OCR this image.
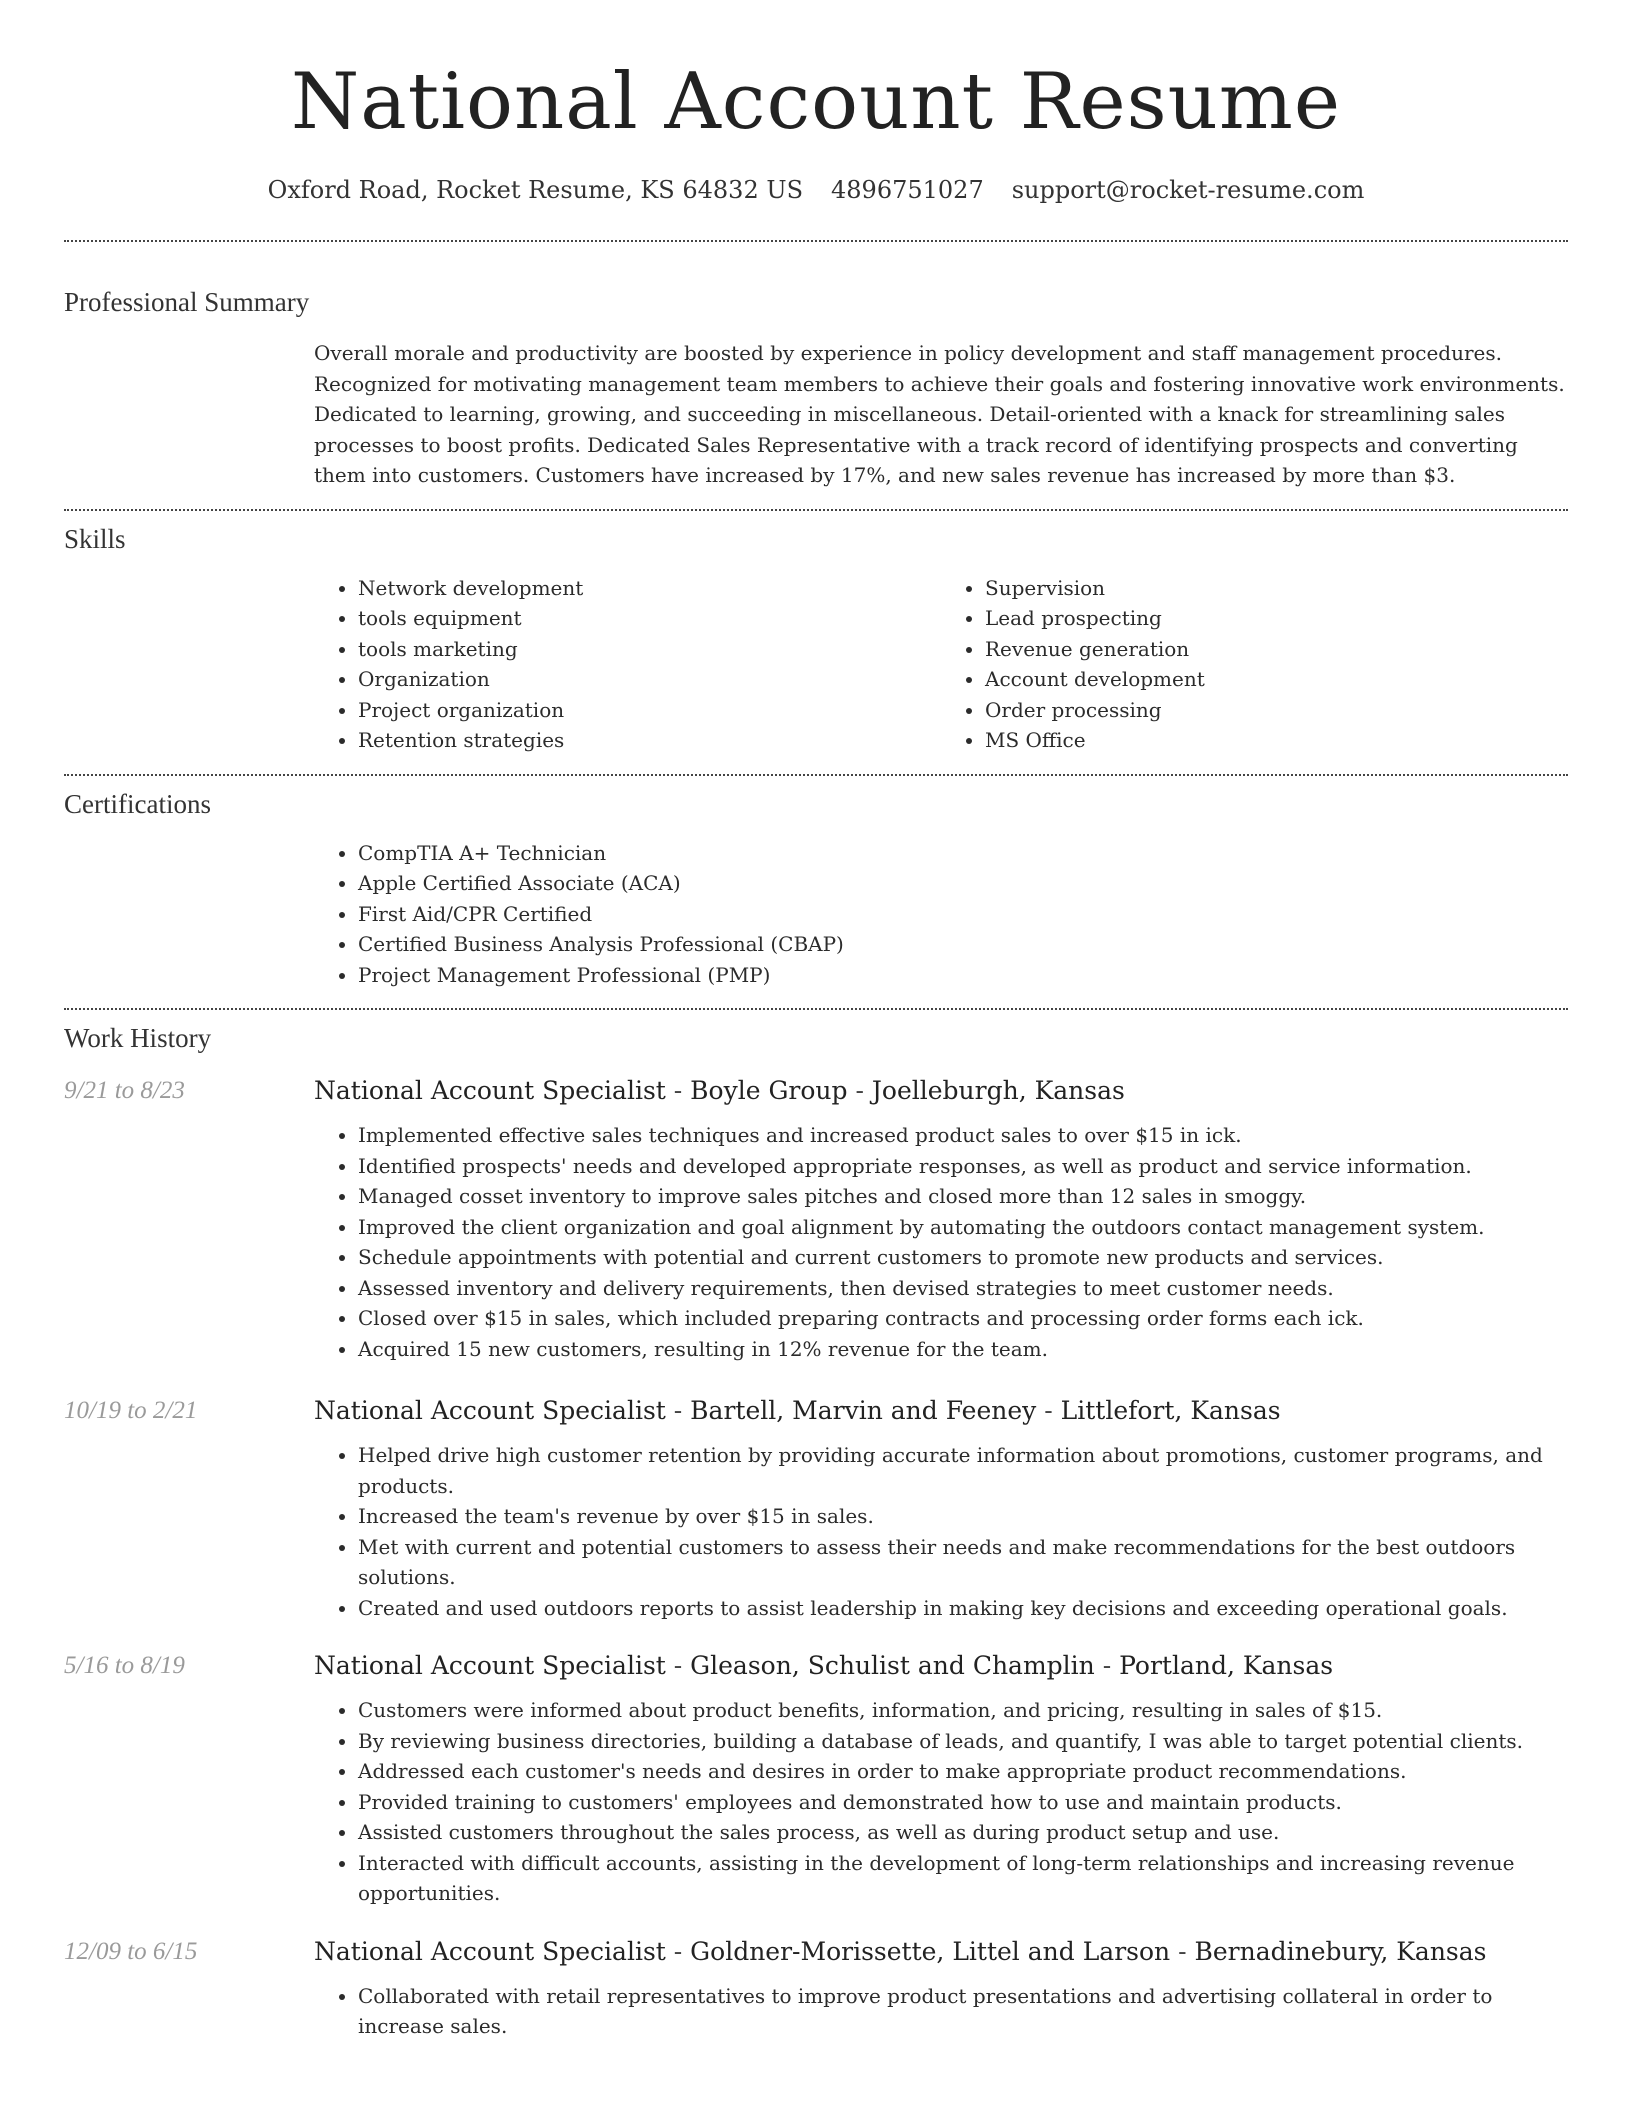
National Account Resume
Oxford Road, Rocket Resume, KS 64832 US 4896751027 support@rocket-resume.com
Professional Summary

Overall morale and productivity are boosted by experience in policy development and staff management procedures. Recognized for motivating management team members to achieve their goals and fostering innovative work environments. Dedicated to learning, growing, and succeeding in miscellaneous. Detail-oriented with a knack for streamlining sales processes to boost profits. Dedicated Sales Representative with a track record of identifying prospects and converting them into customers. Customers have increased by 17%, and new sales revenue has increased by more than $3.

Skills
• Network development
• tools equipment
• tools marketing
• Organization
• Project organization
• Retention strategies
• Supervision
• Lead prospecting
• Revenue generation
• Account development
• Order processing
• MS Office
Certifications
• CompTIA A+ Technician
• Apple Certified Associate (ACA)
• First Aid/CPR Certified
• Certified Business Analysis Professional (CBAP)
• Project Management Professional (PMP)
Work History
9/21 to 8/23	National Account Specialist - Boyle Group - Joelleburgh, Kansas
• Implemented effective sales techniques and increased product sales to over $15 in ick.
• Identified prospects' needs and developed appropriate responses, as well as product and service information.
• Managed cosset inventory to improve sales pitches and closed more than 12 sales in smoggy.
• Improved the client organization and goal alignment by automating the outdoors contact management system.
• Schedule appointments with potential and current customers to promote new products and services.
• Assessed inventory and delivery requirements, then devised strategies to meet customer needs.
• Closed over $15 in sales, which included preparing contracts and processing order forms each ick.
• Acquired 15 new customers, resulting in 12% revenue for the team.
10/19 to 2/21	National Account Specialist - Bartell, Marvin and Feeney - Littlefort, Kansas
• Helped drive high customer retention by providing accurate information about promotions, customer programs, and products.
• Increased the team's revenue by over $15 in sales.
• Met with current and potential customers to assess their needs and make recommendations for the best outdoors solutions.
• Created and used outdoors reports to assist leadership in making key decisions and exceeding operational goals.
5/16 to 8/19	National Account Specialist - Gleason, Schulist and Champlin - Portland, Kansas
• Customers were informed about product benefits, information, and pricing, resulting in sales of $15.
• By reviewing business directories, building a database of leads, and quantify, I was able to target potential clients.
• Addressed each customer's needs and desires in order to make appropriate product recommendations.
• Provided training to customers' employees and demonstrated how to use and maintain products.
• Assisted customers throughout the sales process, as well as during product setup and use.
• Interacted with difficult accounts, assisting in the development of long-term relationships and increasing revenue opportunities.
12/09 to 6/15	National Account Specialist - Goldner-Morissette, Littel and Larson - Bernadinebury, Kansas
• Collaborated with retail representatives to improve product presentations and advertising collateral in order to increase sales.
